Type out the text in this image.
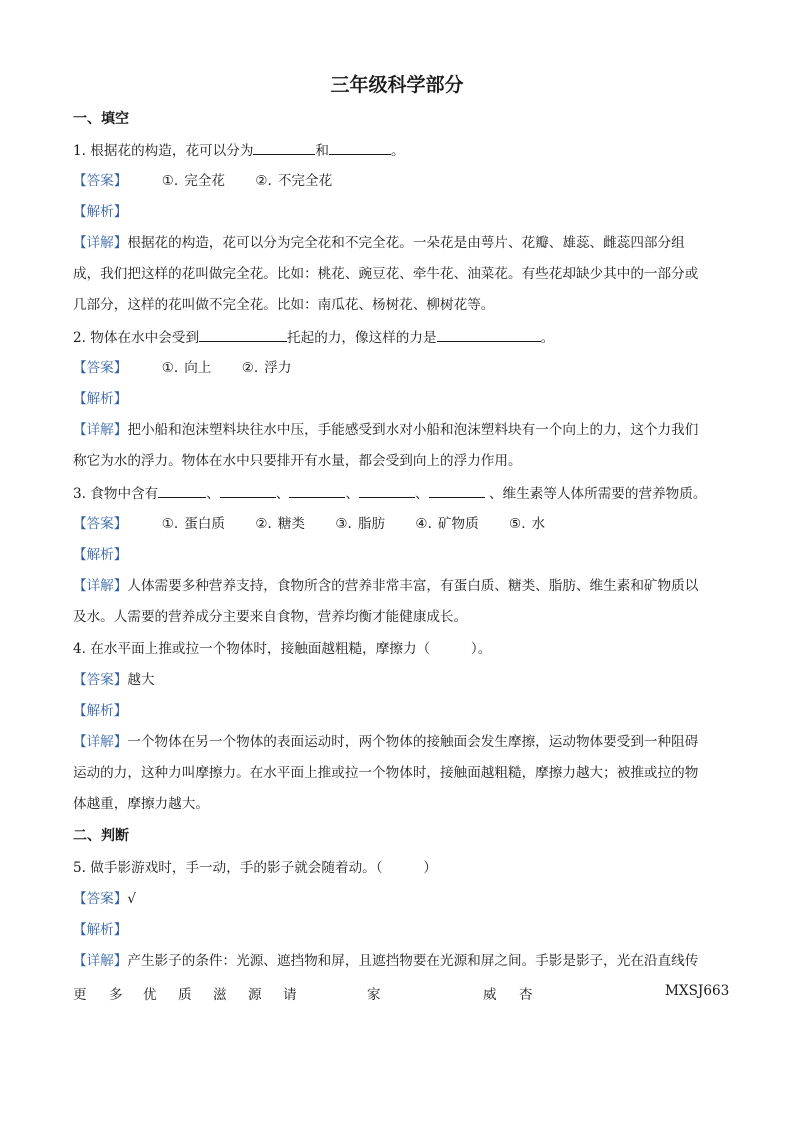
三年级科学部分
一、填空
1. 根据花的构造，花可以分为	和	。
【答案】	①. 完全花 ②. 不完全花
【解析】
【详解】根据花的构造，花可以分为完全花和不完全花。一朵花是由萼片、花瓣、雄蕊、雌蕊四部分组
成，我们把这样的花叫做完全花。比如：桃花、豌豆花、牵牛花、油菜花。有些花却缺少其中的一部分或
几部分，这样的花叫做不完全花。比如：南瓜花、杨树花、柳树花等。
2. 物体在水中会受到	托起的力，像这样的力是	。
【答案】	①. 向上 ②. 浮力
【解析】
【详解】把小船和泡沫塑料块往水中压，手能感受到水对小船和泡沫塑料块有一个向上的力，这个力我们
称它为水的浮力。物体在水中只要排开有水量，都会受到向上的浮力作用。
3. 食物中含有	、	、	、	、	、维生素等人体所需要的营养物质。
【答案】	①. 蛋白质 ②. 糖类 ③. 脂肪 ④. 矿物质 ⑤. 水
【解析】
【详解】人体需要多种营养支持，食物所含的营养非常丰富，有蛋白质、糖类、脂肪、维生素和矿物质以
及水。人需要的营养成分主要来自食物，营养均衡才能健康成长。
4. 在水平面上推或拉一个物体时，接触面越粗糙，摩擦力（　　　）。
【答案】越大
【解析】
【详解】一个物体在另一个物体的表面运动时，两个物体的接触面会发生摩擦，运动物体要受到一种阻碍
运动的力，这种力叫摩擦力。在水平面上推或拉一个物体时，接触面越粗糙，摩擦力越大；被推或拉的物
体越重，摩擦力越大。
二、判断
5. 做手影游戏时，手一动，手的影子就会随着动。（　　　）
【答案】√
【解析】
【详解】产生影子的条件：光源、遮挡物和屏，且遮挡物要在光源和屏之间。手影是影子，光在沿直线传
更 多 优 质 滋 源 请	家	威 杏	MXSJ663
